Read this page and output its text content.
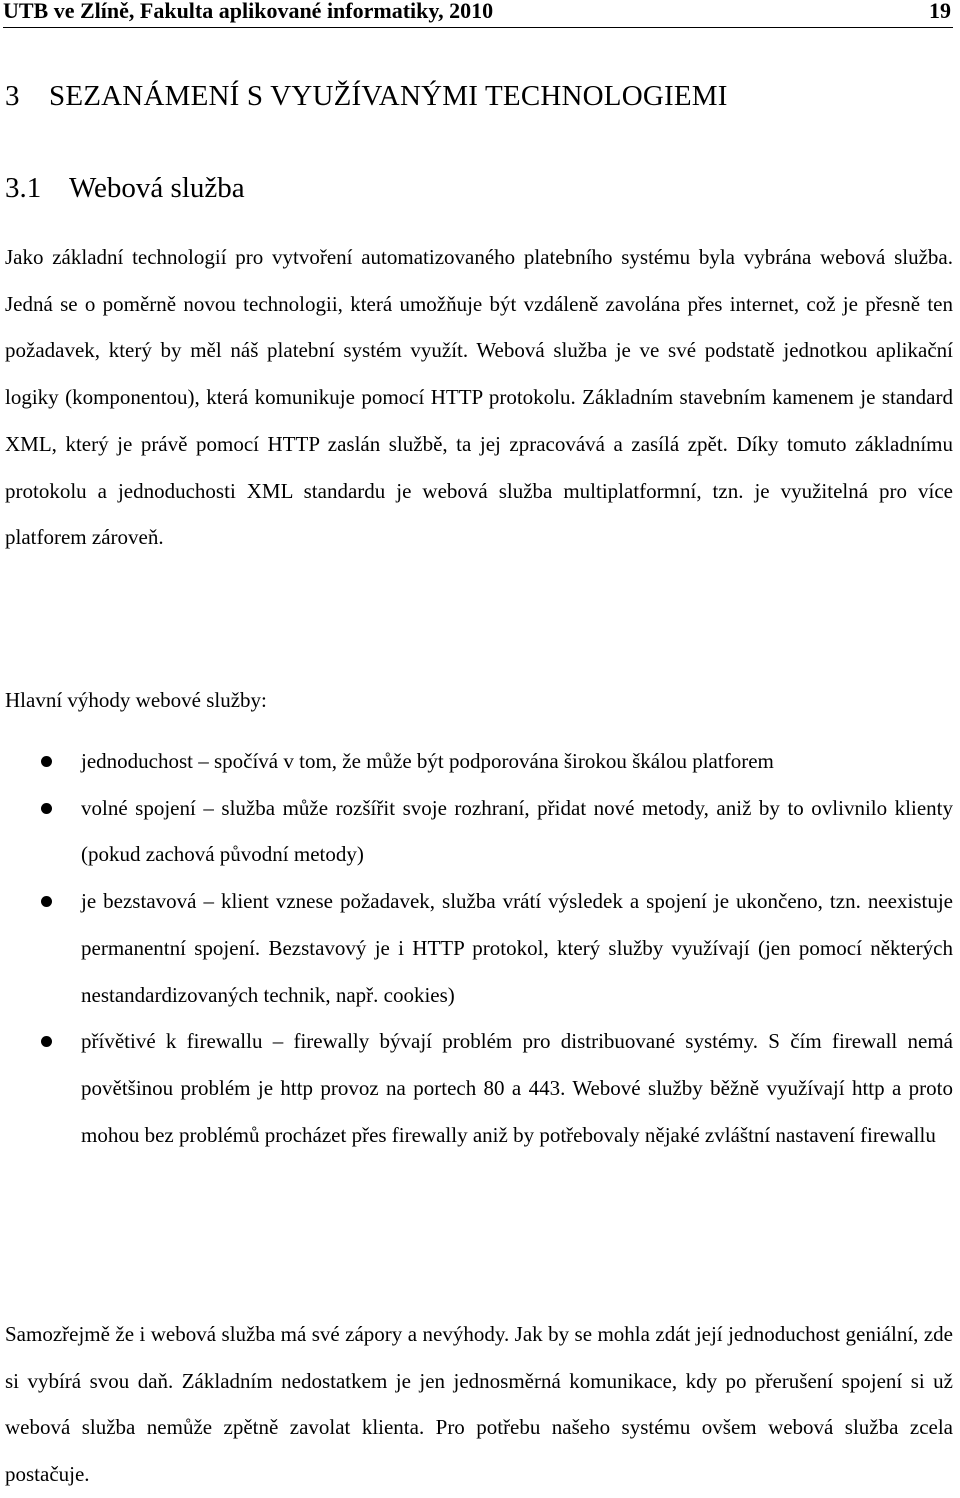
UTB ve Zlíně, Fakulta aplikované informatiky, 2010	19
3 SEZANÁMENÍ S VYUŽÍVANÝMI TECHNOLOGIEMI
3.1 Webová služba

Jako základní technologií pro vytvoření automatizovaného platebního systému byla vybrána webová služba. Jedná se o poměrně novou technologii, která umožňuje být vzdáleně zavolána přes internet, což je přesně ten požadavek, který by měl náš platební systém využít. Webová služba je ve své podstatě jednotkou aplikační logiky (komponentou), která komunikuje pomocí HTTP protokolu. Základním stavebním kamenem je standard XML, který je právě pomocí HTTP zaslán službě, ta jej zpracovává a zasílá zpět. Díky tomuto základnímu protokolu a jednoduchosti XML standardu je webová služba multiplatformní, tzn. je využitelná pro více platforem zároveň.

Hlavní výhody webové služby:

jednoduchost – spočívá v tom, že může být podporována širokou škálou platforem
volné spojení – služba může rozšířit svoje rozhraní, přidat nové metody, aniž by to ovlivnilo klienty (pokud zachová původní metody)
je bezstavová – klient vznese požadavek, služba vrátí výsledek a spojení je ukončeno, tzn. neexistuje permanentní spojení. Bezstavový je i HTTP protokol, který služby využívají (jen pomocí některých nestandardizovaných technik, např. cookies)
přívětivé k firewallu – firewally bývají problém pro distribuované systémy. S čím firewall nemá povětšinou problém je http provoz na portech 80 a 443. Webové služby běžně využívají http a proto mohou bez problémů procházet přes firewally aniž by potřebovaly nějaké zvláštní nastavení firewallu

Samozřejmě že i webová služba má své zápory a nevýhody. Jak by se mohla zdát její jednoduchost geniální, zde si vybírá svou daň. Základním nedostatkem je jen jednosměrná komunikace, kdy po přerušení spojení si už webová služba nemůže zpětně zavolat klienta. Pro potřebu našeho systému ovšem webová služba zcela postačuje.
